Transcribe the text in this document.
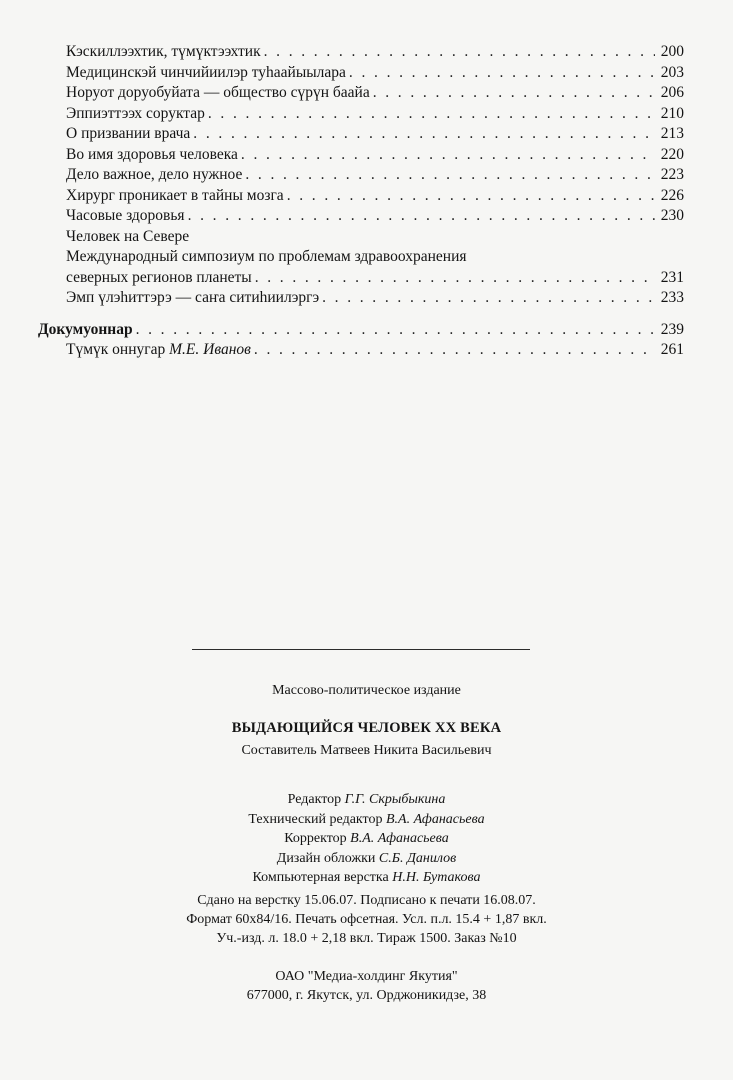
Кэскиллээхтик, түмүктээхтик . . .	200
Медицинскэй чинчийиилэр туһаайыылара . . .	203
Норуот доруобуйата — общество сүрүн баайа . . .	206
Эппиэттээх соруктар . . .	210
О призвании врача . . .	213
Во имя здоровья человека . . .	220
Дело важное, дело нужное . . .	223
Хирург проникает в тайны мозга . . .	226
Часовые здоровья . . .	230
Человек на Севере
Международный симпозиум по проблемам здравоохранения
северных регионов планеты . . .	231
Эмп үлэһиттэрэ — саҥа ситиһиилэргэ . . .	233
Докумуоннар . . .	239
Түмүк оннугар М.Е. Иванов . . .	261
Массово-политическое издание
ВЫДАЮЩИЙСЯ ЧЕЛОВЕК XX ВЕКА
Составитель Матвеев Никита Васильевич
Редактор Г.Г. Скрыбыкина
Технический редактор В.А. Афанасьева
Корректор В.А. Афанасьева
Дизайн обложки С.Б. Данилов
Компьютерная верстка Н.Н. Бутакова
Сдано на верстку 15.06.07. Подписано к печати 16.08.07.
Формат 60х84/16. Печать офсетная. Усл. п.л. 15.4 + 1,87 вкл.
Уч.-изд. л. 18.0 + 2,18 вкл. Тираж 1500. Заказ №10
ОАО "Медиа-холдинг Якутия"
677000, г. Якутск, ул. Орджоникидзе, 38
